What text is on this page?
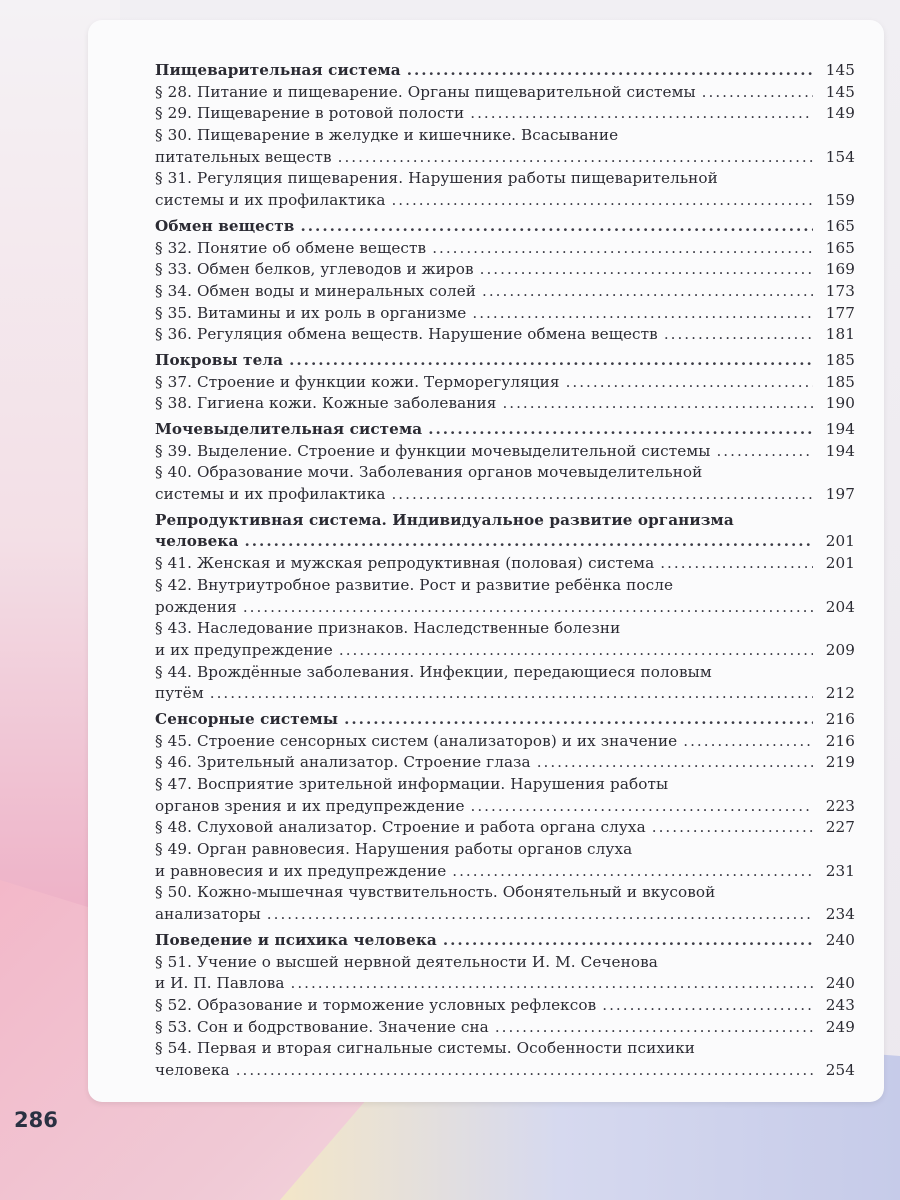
Пищеварительная система .....	145
§ 28. Питание и пищеварение. Органы пищеварительной системы .....	145
§ 29. Пищеварение в ротовой полости .....	149
§ 30. Пищеварение в желудке и кишечнике. Всасывание
питательных веществ .....	154
§ 31. Регуляция пищеварения. Нарушения работы пищеварительной
системы и их профилактика .....	159
Обмен веществ .....	165
§ 32. Понятие об обмене веществ .....	165
§ 33. Обмен белков, углеводов и жиров .....	169
§ 34. Обмен воды и минеральных солей .....	173
§ 35. Витамины и их роль в организме .....	177
§ 36. Регуляция обмена веществ. Нарушение обмена веществ .....	181
Покровы тела .....	185
§ 37. Строение и функции кожи. Терморегуляция .....	185
§ 38. Гигиена кожи. Кожные заболевания .....	190
Мочевыделительная система .....	194
§ 39. Выделение. Строение и функции мочевыделительной системы .....	194
§ 40. Образование мочи. Заболевания органов мочевыделительной
системы и их профилактика .....	197
Репродуктивная система. Индивидуальное развитие организма
человека .....	201
§ 41. Женская и мужская репродуктивная (половая) система .....	201
§ 42. Внутриутробное развитие. Рост и развитие ребёнка после
рождения .....	204
§ 43. Наследование признаков. Наследственные болезни
и их предупреждение .....	209
§ 44. Врождённые заболевания. Инфекции, передающиеся половым
путём .....	212
Сенсорные системы .....	216
§ 45. Строение сенсорных систем (анализаторов) и их значение .....	216
§ 46. Зрительный анализатор. Строение глаза .....	219
§ 47. Восприятие зрительной информации. Нарушения работы
органов зрения и их предупреждение .....	223
§ 48. Слуховой анализатор. Строение и работа органа слуха .....	227
§ 49. Орган равновесия. Нарушения работы органов слуха
и равновесия и их предупреждение .....	231
§ 50. Кожно-мышечная чувствительность. Обонятельный и вкусовой
анализаторы .....	234
Поведение и психика человека .....	240
§ 51. Учение о высшей нервной деятельности И. М. Сеченова
и И. П. Павлова .....	240
§ 52. Образование и торможение условных рефлексов .....	243
§ 53. Сон и бодрствование. Значение сна .....	249
§ 54. Первая и вторая сигнальные системы. Особенности психики
человека .....	254
286
